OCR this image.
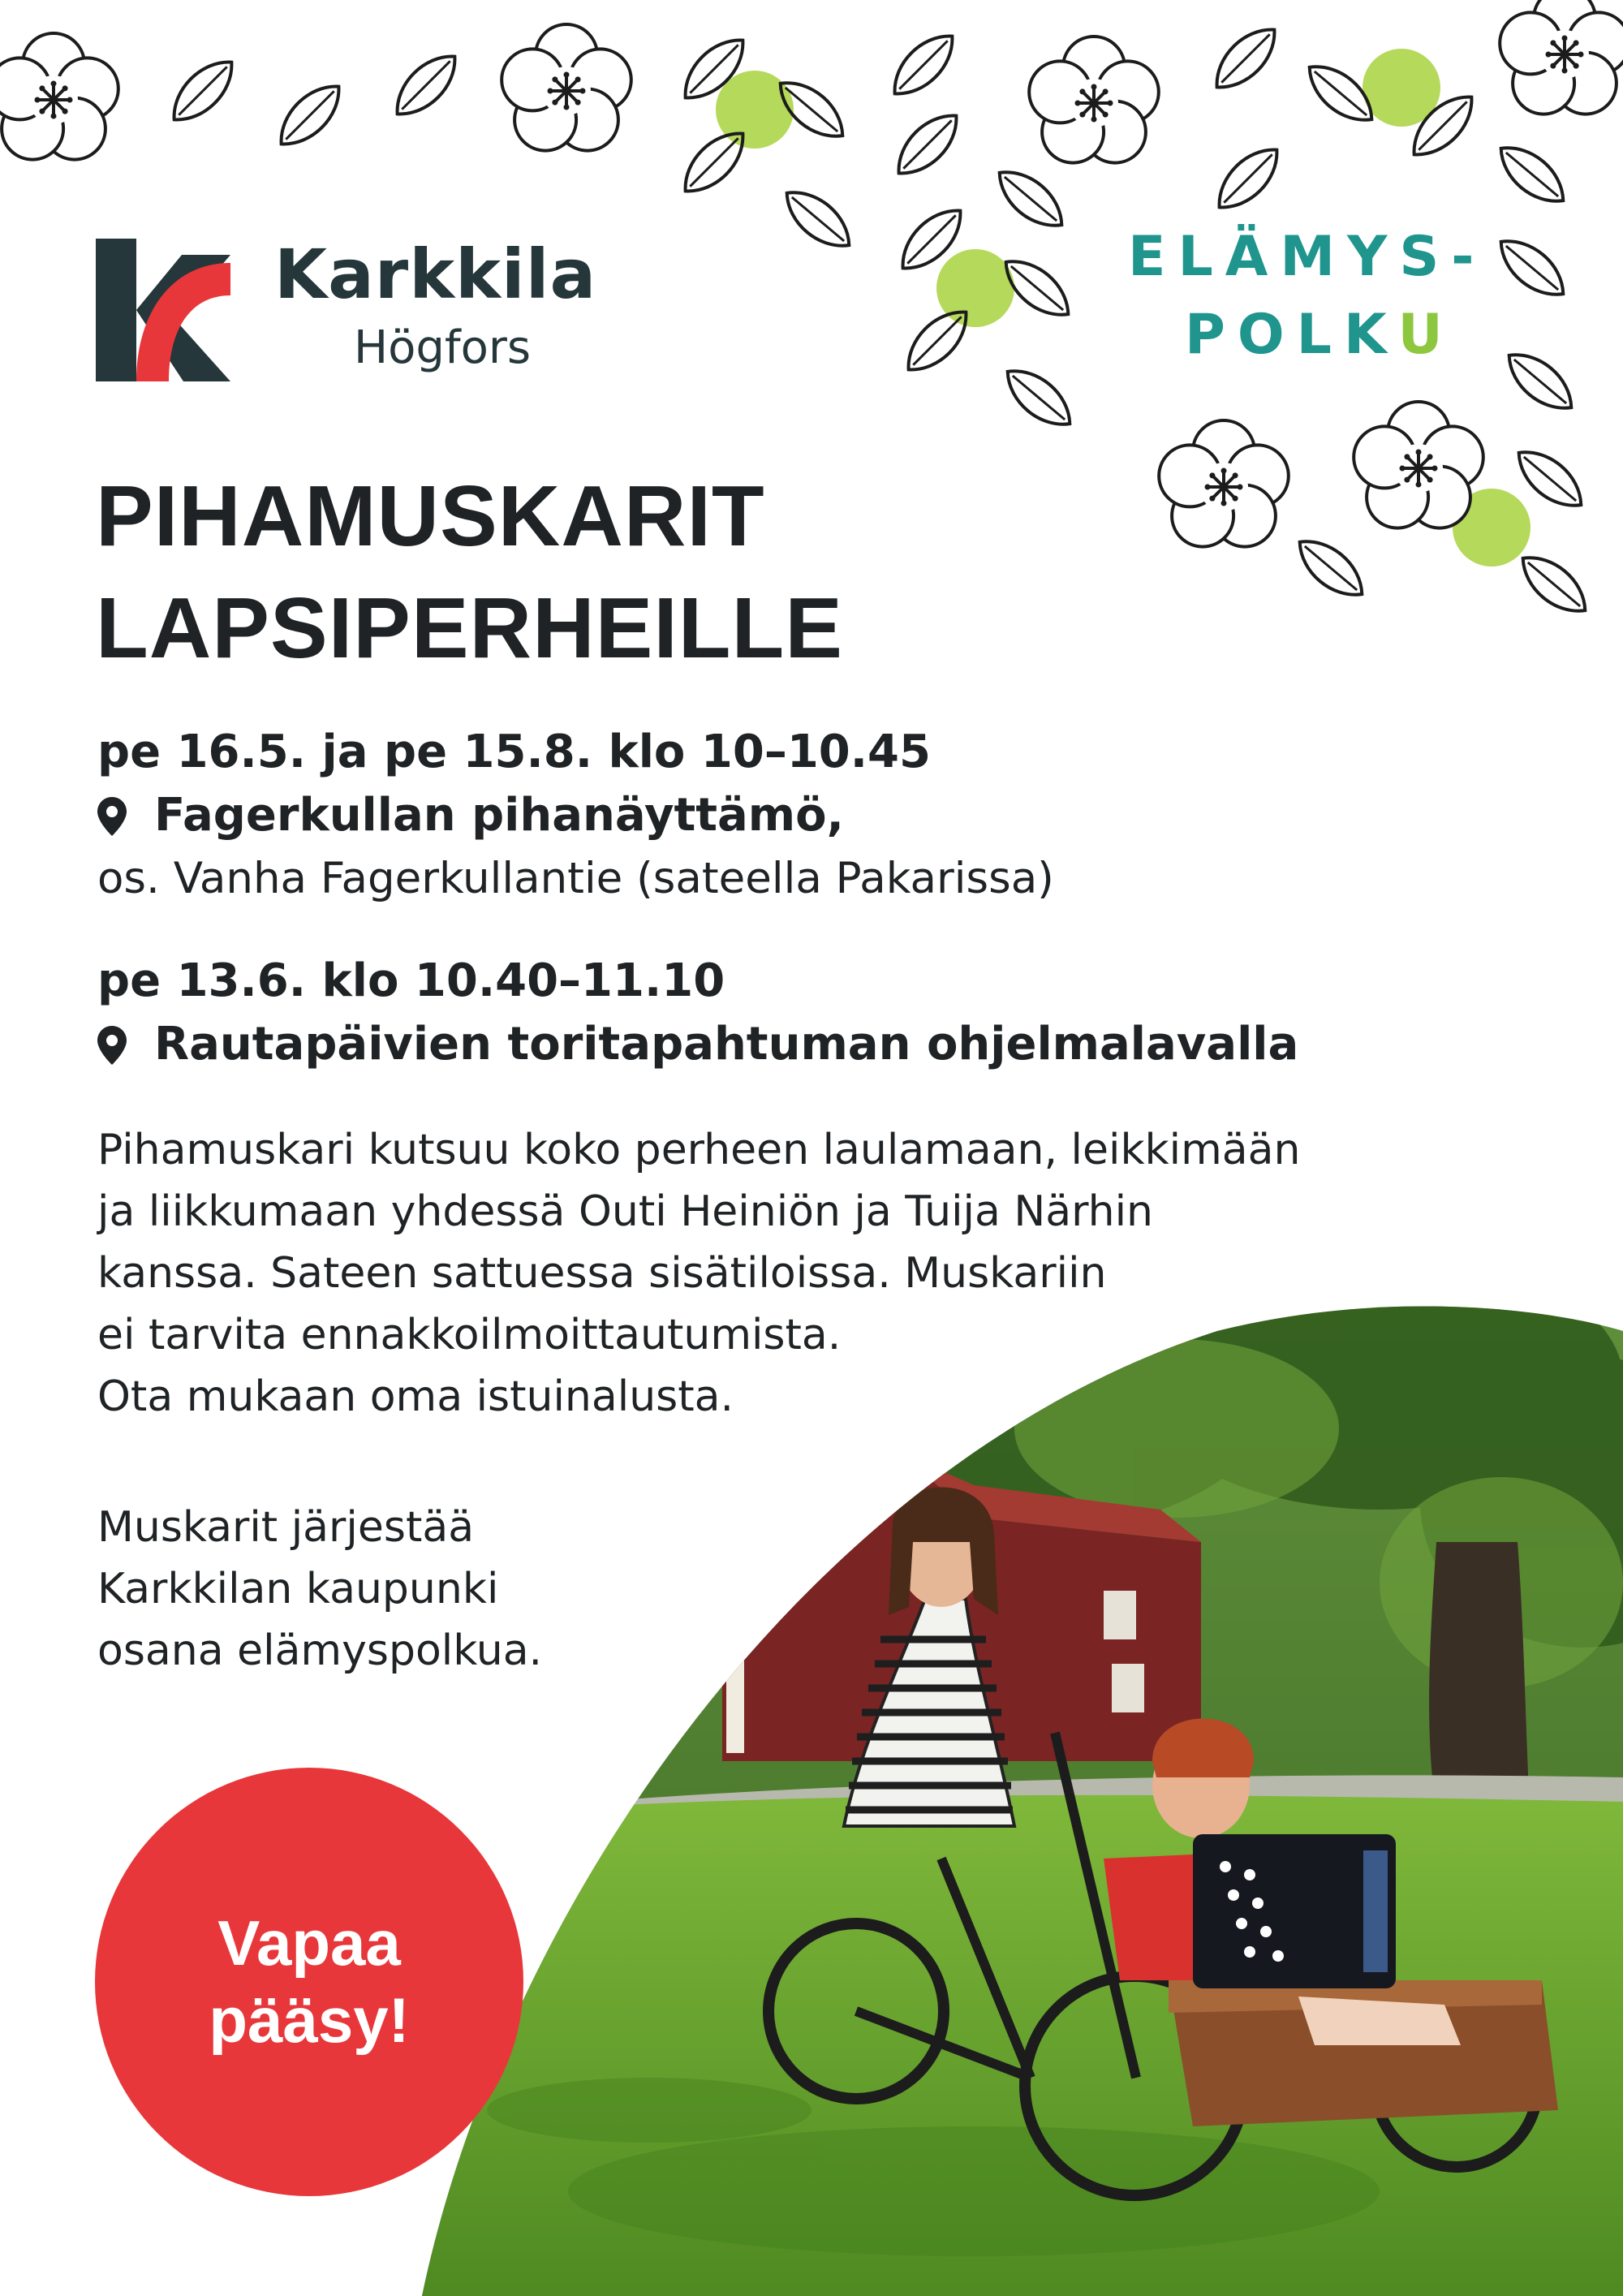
Karkkila
Högfors
ELÄMYS-
POLKU
PIHAMUSKARIT
LAPSIPERHEILLE
pe 16.5. ja pe 15.8. klo 10–10.45
Fagerkullan pihanäyttämö,
os. Vanha Fagerkullantie (sateella Pakarissa)
pe 13.6. klo 10.40–11.10
Rautapäivien toritapahtuman ohjelmalavalla
Pihamuskari kutsuu koko perheen laulamaan, leikkimään
ja liikkumaan yhdessä Outi Heiniön ja Tuija Närhin
kanssa. Sateen sattuessa sisätiloissa. Muskariin
ei tarvita ennakkoilmoittautumista.
Ota mukaan oma istuinalusta.
Muskarit järjestää
Karkkilan kaupunki
osana elämyspolkua.
Vapaa
pääsy!
